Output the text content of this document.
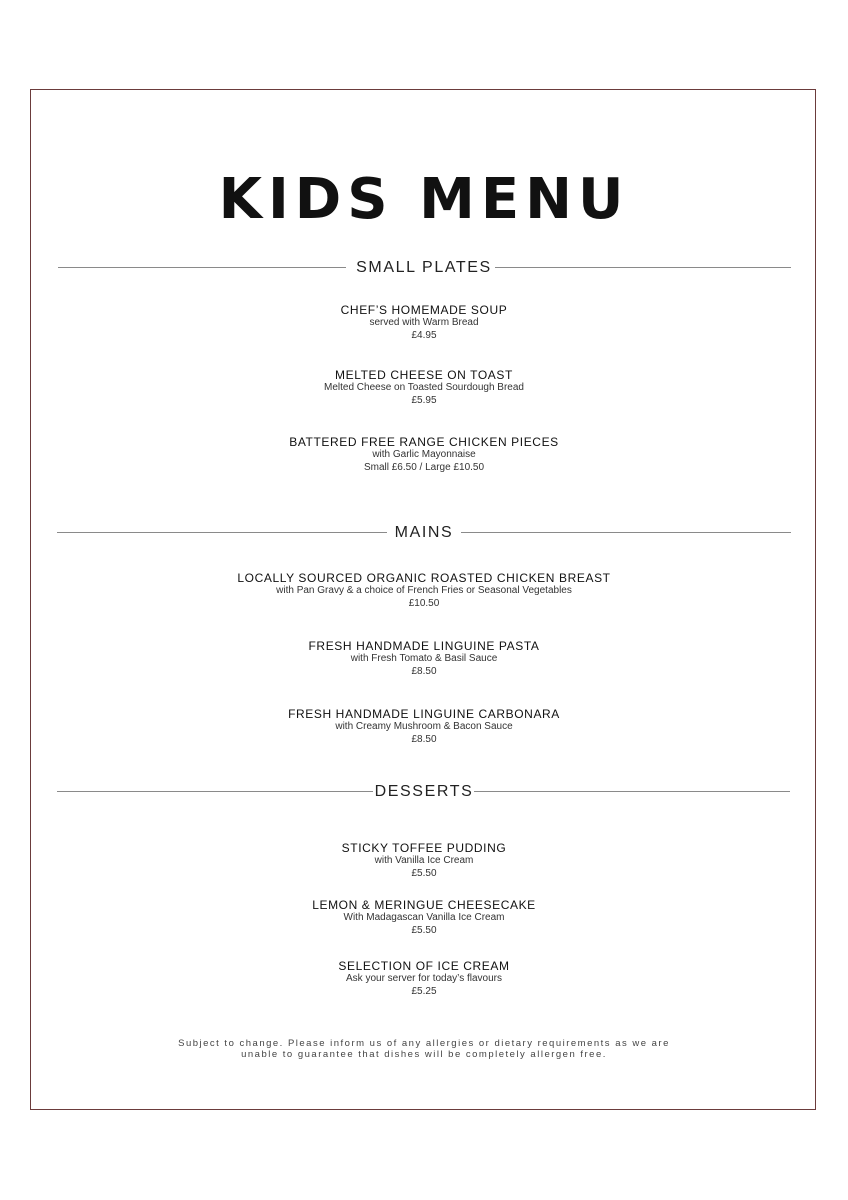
KIDS MENU
SMALL PLATES
CHEF’S HOMEMADE SOUP
served with Warm Bread
£4.95
MELTED CHEESE ON TOAST
Melted Cheese on Toasted Sourdough Bread
£5.95
BATTERED FREE RANGE CHICKEN PIECES
with Garlic Mayonnaise
Small £6.50 / Large £10.50
MAINS
LOCALLY SOURCED ORGANIC ROASTED CHICKEN BREAST
with Pan Gravy & a choice of French Fries or Seasonal Vegetables
£10.50
FRESH HANDMADE LINGUINE PASTA
with Fresh Tomato & Basil Sauce
£8.50
FRESH HANDMADE LINGUINE CARBONARA
with Creamy Mushroom & Bacon Sauce
£8.50
DESSERTS
STICKY TOFFEE PUDDING
with Vanilla Ice Cream
£5.50
LEMON & MERINGUE CHEESECAKE
With Madagascan Vanilla Ice Cream
£5.50
SELECTION OF ICE CREAM
Ask your server for today’s flavours
£5.25
Subject to change. Please inform us of any allergies or dietary requirements as we are
unable to guarantee that dishes will be completely allergen free.
